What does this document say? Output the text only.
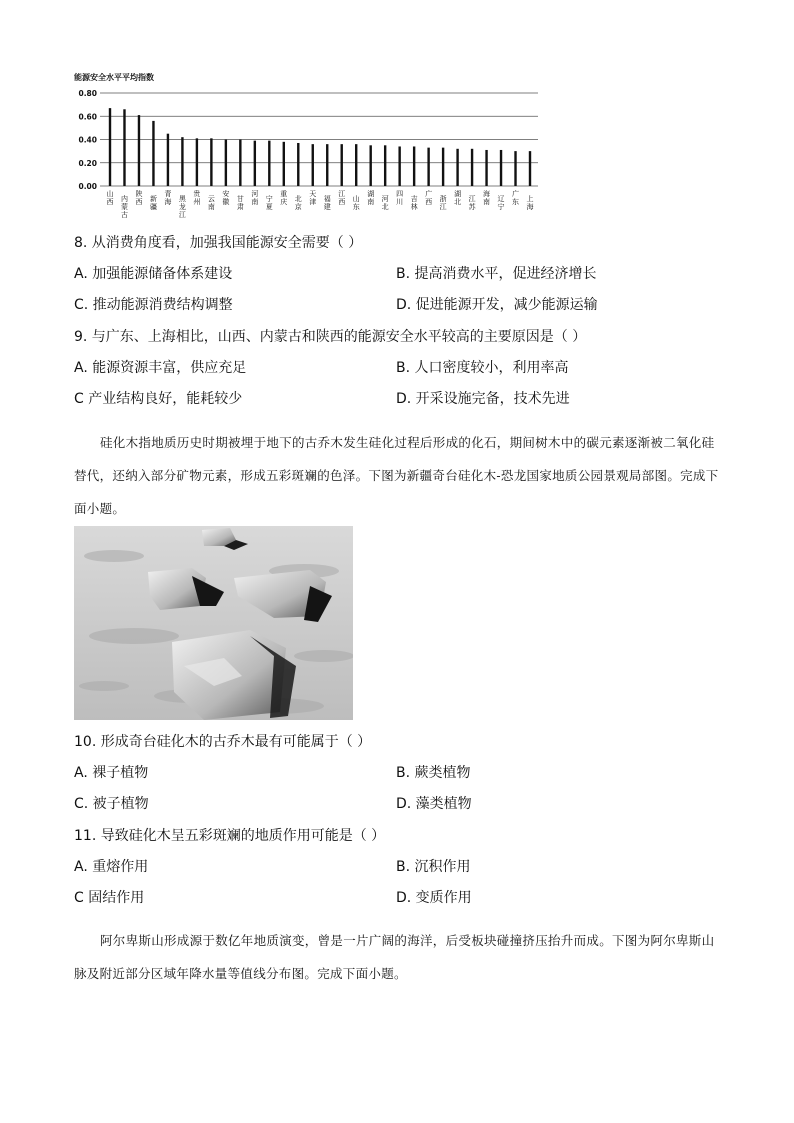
能源安全水平平均指数
0.80
0.60
0.40
0.20
0.00
山西 内蒙古
陕西 新疆
青海 黑龙江
贵州 云南
安徽 甘肃
河南 宁夏
重庆 北京
天津 福建
江西 山东
湖南 河北
四川 吉林
广西 浙江
湖北 江苏
海南 辽宁
广东 上海
8. 从消费角度看，加强我国能源安全需要（ ）
A. 加强能源储备体系建设	B. 提高消费水平，促进经济增长
C. 推动能源消费结构调整	D. 促进能源开发，减少能源运输
9. 与广东、上海相比，山西、内蒙古和陕西的能源安全水平较高的主要原因是（ ）
A. 能源资源丰富，供应充足	B. 人口密度较小，利用率高
C 产业结构良好，能耗较少	D. 开采设施完备，技术先进
硅化木指地质历史时期被埋于地下的古乔木发生硅化过程后形成的化石，期间树木中的碳元素逐渐被二氧化硅替代，还纳入部分矿物元素，形成五彩斑斓的色泽。下图为新疆奇台硅化木-恐龙国家地质公园景观局部图。完成下面小题。
10. 形成奇台硅化木的古乔木最有可能属于（ ）
A. 裸子植物	B. 蕨类植物
C. 被子植物	D. 藻类植物
11. 导致硅化木呈五彩斑斓的地质作用可能是（ ）
A. 重熔作用	B. 沉积作用
C 固结作用	D. 变质作用
阿尔卑斯山形成源于数亿年地质演变，曾是一片广阔的海洋，后受板块碰撞挤压抬升而成。下图为阿尔卑斯山脉及附近部分区域年降水量等值线分布图。完成下面小题。
